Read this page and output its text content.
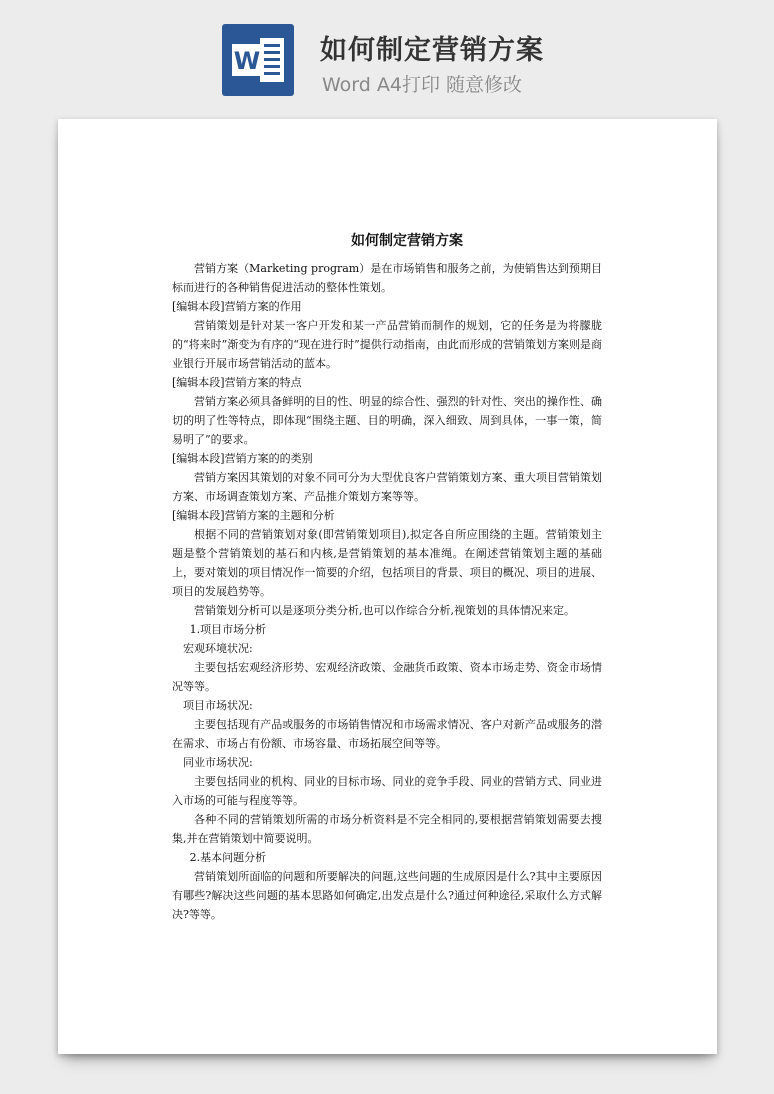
W 如何制定营销方案
Word A4打印 随意修改
如何制定营销方案
营销方案（Marketing program）是在市场销售和服务之前，为使销售达到预期目标而进行的各种销售促进活动的整体性策划。
[编辑本段]营销方案的作用
营销策划是针对某一客户开发和某一产品营销而制作的规划，它的任务是为将朦胧的“将来时”渐变为有序的“现在进行时”提供行动指南，由此而形成的营销策划方案则是商业银行开展市场营销活动的蓝本。
[编辑本段]营销方案的特点
营销方案必须具备鲜明的目的性、明显的综合性、强烈的针对性、突出的操作性、确切的明了性等特点，即体现“围绕主题、目的明确，深入细致、周到具体，一事一策，简易明了”的要求。
[编辑本段]营销方案的的类别
营销方案因其策划的对象不同可分为大型优良客户营销策划方案、重大项目营销策划方案、市场调查策划方案、产品推介策划方案等等。
[编辑本段]营销方案的主题和分析
根据不同的营销策划对象(即营销策划项目),拟定各自所应围绕的主题。营销策划主题是整个营销策划的基石和内核,是营销策划的基本准绳。在阐述营销策划主题的基础上，要对策划的项目情况作一简要的介绍，包括项目的背景、项目的概况、项目的进展、项目的发展趋势等。
营销策划分析可以是逐项分类分析,也可以作综合分析,视策划的具体情况来定。
1.项目市场分析
宏观环境状况:
主要包括宏观经济形势、宏观经济政策、金融货币政策、资本市场走势、资金市场情况等等。
项目市场状况:
主要包括现有产品或服务的市场销售情况和市场需求情况、客户对新产品或服务的潜在需求、市场占有份额、市场容量、市场拓展空间等等。
同业市场状况:
主要包括同业的机构、同业的目标市场、同业的竞争手段、同业的营销方式、同业进入市场的可能与程度等等。
各种不同的营销策划所需的市场分析资料是不完全相同的,要根据营销策划需要去搜集,并在营销策划中简要说明。
2.基本问题分析
营销策划所面临的问题和所要解决的问题,这些问题的生成原因是什么?其中主要原因有哪些?解决这些问题的基本思路如何确定,出发点是什么?通过何种途径,采取什么方式解决?等等。
